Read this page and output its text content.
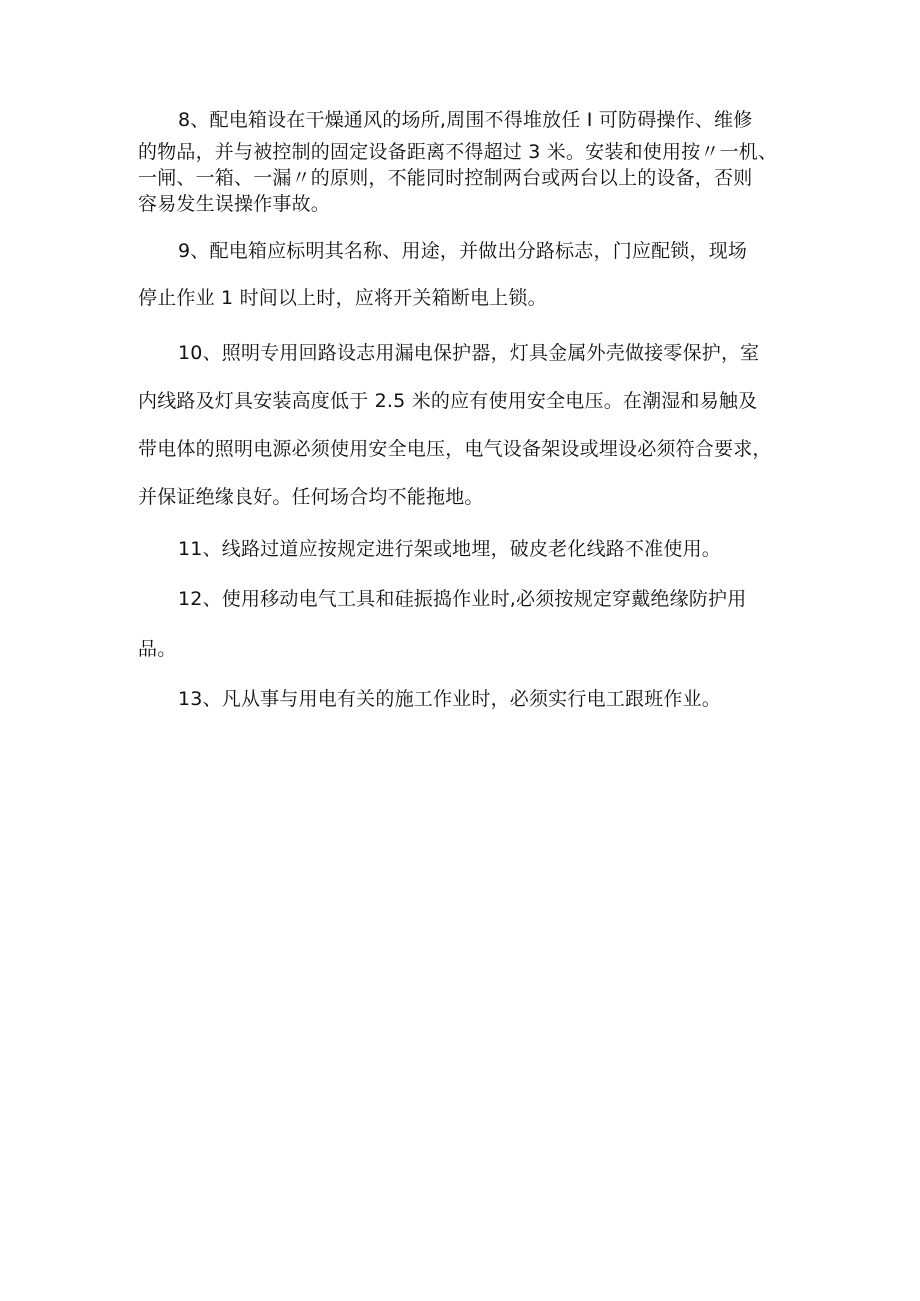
8、配电箱设在干燥通风的场所,周围不得堆放任 I 可防碍操作、维修

的物品，并与被控制的固定设备距离不得超过 3 米。安装和使用按〃一机、

一闸、一箱、一漏〃的原则，不能同时控制两台或两台以上的设备，否则

容易发生误操作事故。

9、配电箱应标明其名称、用途，并做出分路标志，门应配锁，现场

停止作业 1 时间以上时，应将开关箱断电上锁。

10、照明专用回路设志用漏电保护器，灯具金属外壳做接零保护，室

内线路及灯具安装高度低于 2.5 米的应有使用安全电压。在潮湿和易触及

带电体的照明电源必须使用安全电压，电气设备架设或埋设必须符合要求，

并保证绝缘良好。任何场合均不能拖地。

11、线路过道应按规定进行架或地埋，破皮老化线路不准使用。

12、使用移动电气工具和硅振捣作业时,必须按规定穿戴绝缘防护用

品。

13、凡从事与用电有关的施工作业时，必须实行电工跟班作业。
